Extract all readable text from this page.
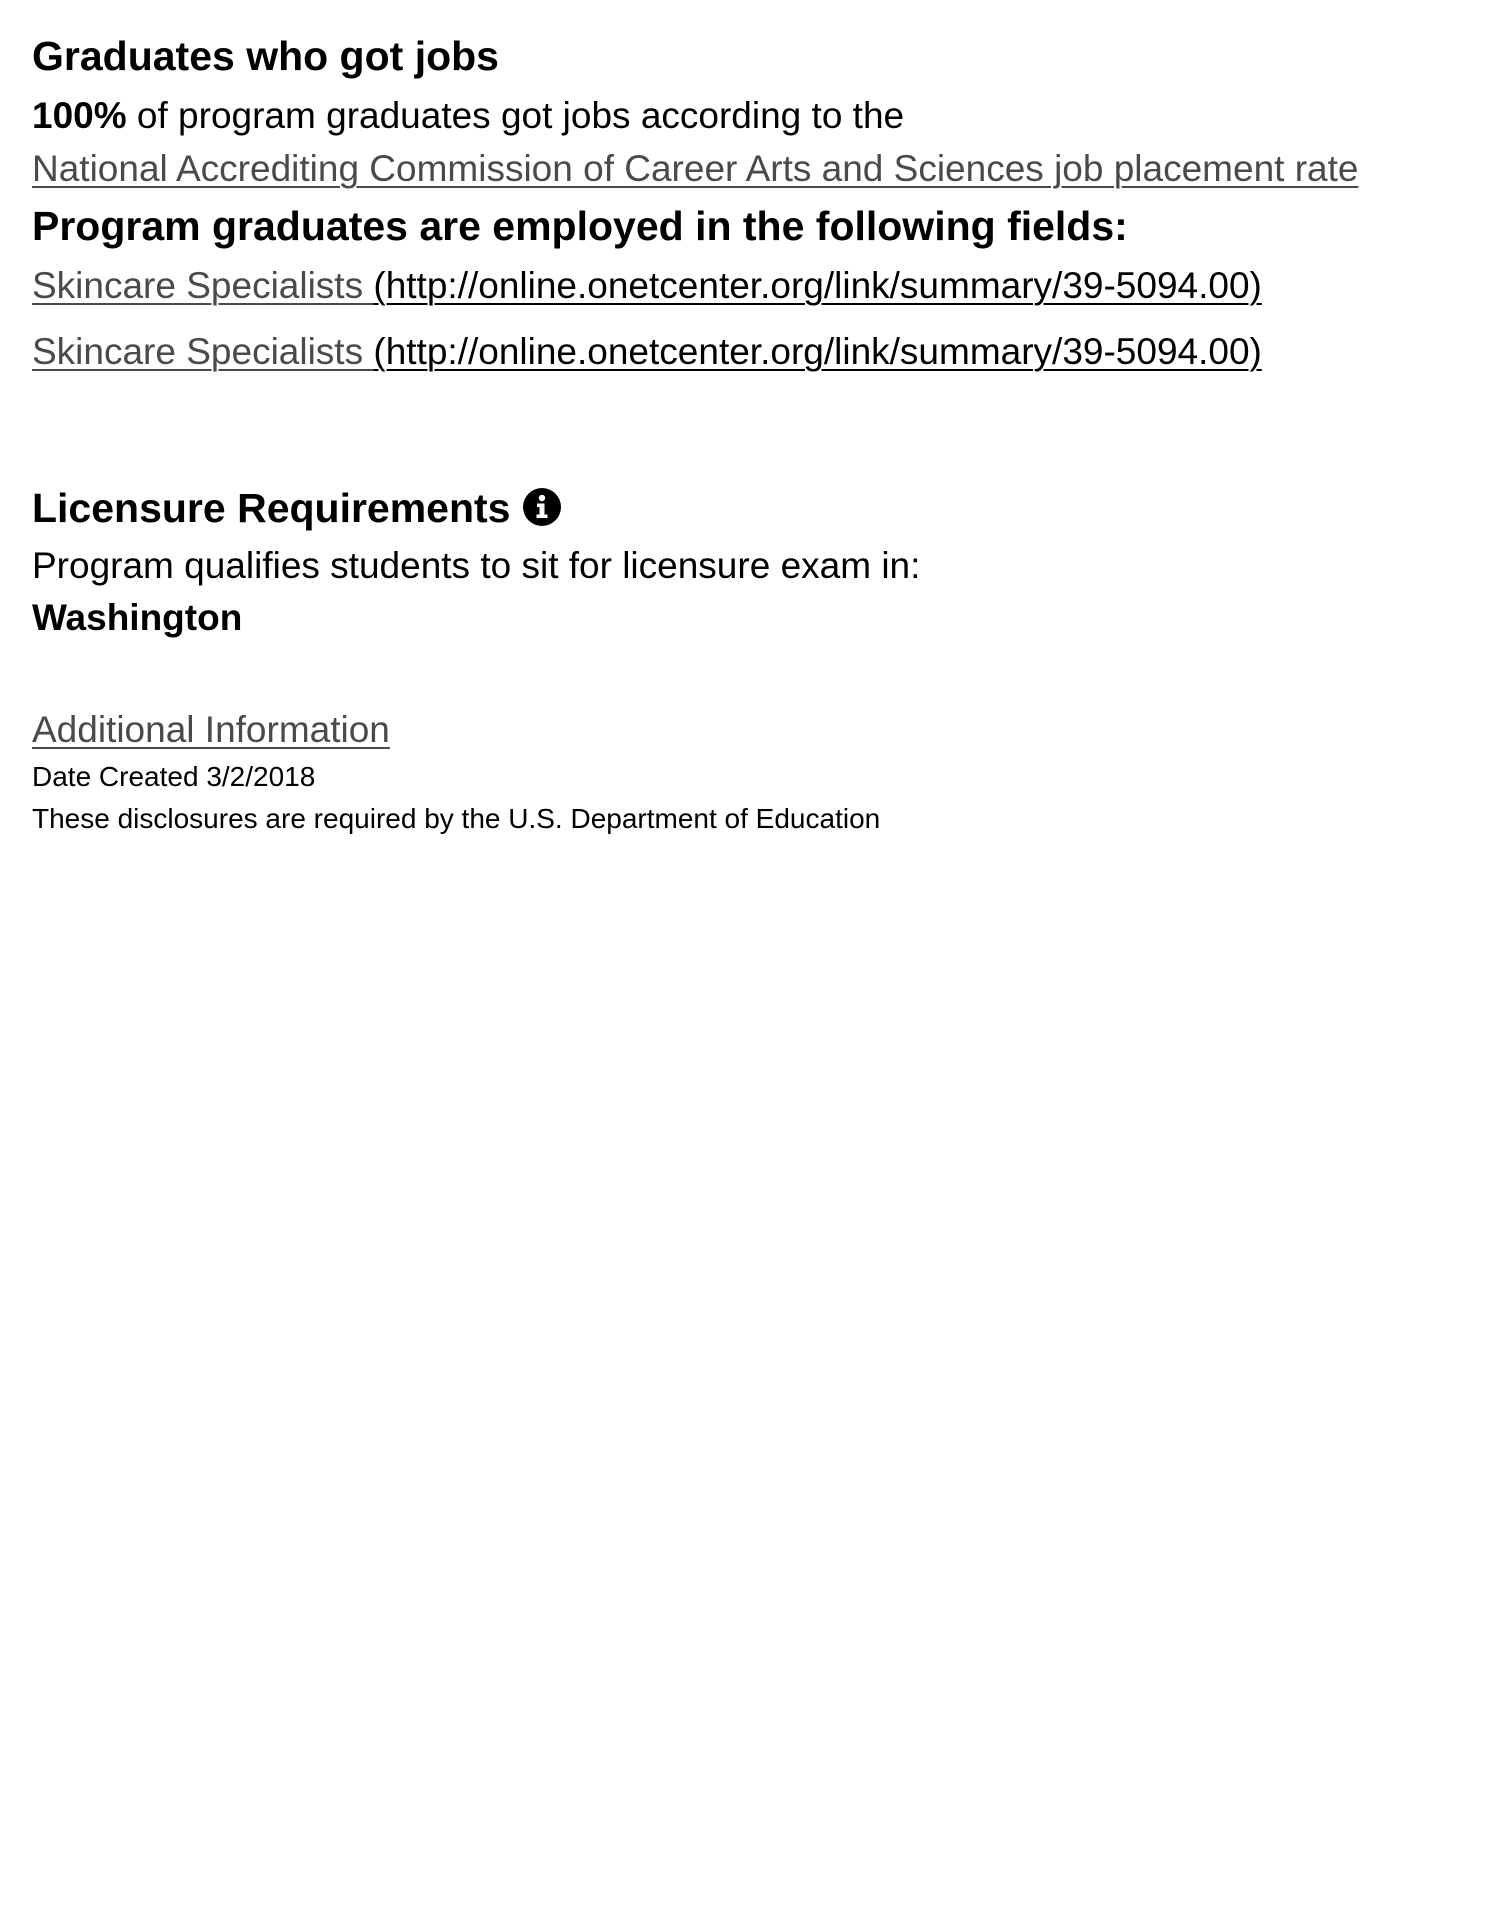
Graduates who got jobs

100% of program graduates got jobs according to the

National Accrediting Commission of Career Arts and Sciences job placement rate

Program graduates are employed in the following fields:

Skincare Specialists (http://online.onetcenter.org/link/summary/39-5094.00)

Skincare Specialists (http://online.onetcenter.org/link/summary/39-5094.00)

Licensure Requirements

Program qualifies students to sit for licensure exam in:

Washington

Additional Information

Date Created 3/2/2018

These disclosures are required by the U.S. Department of Education
